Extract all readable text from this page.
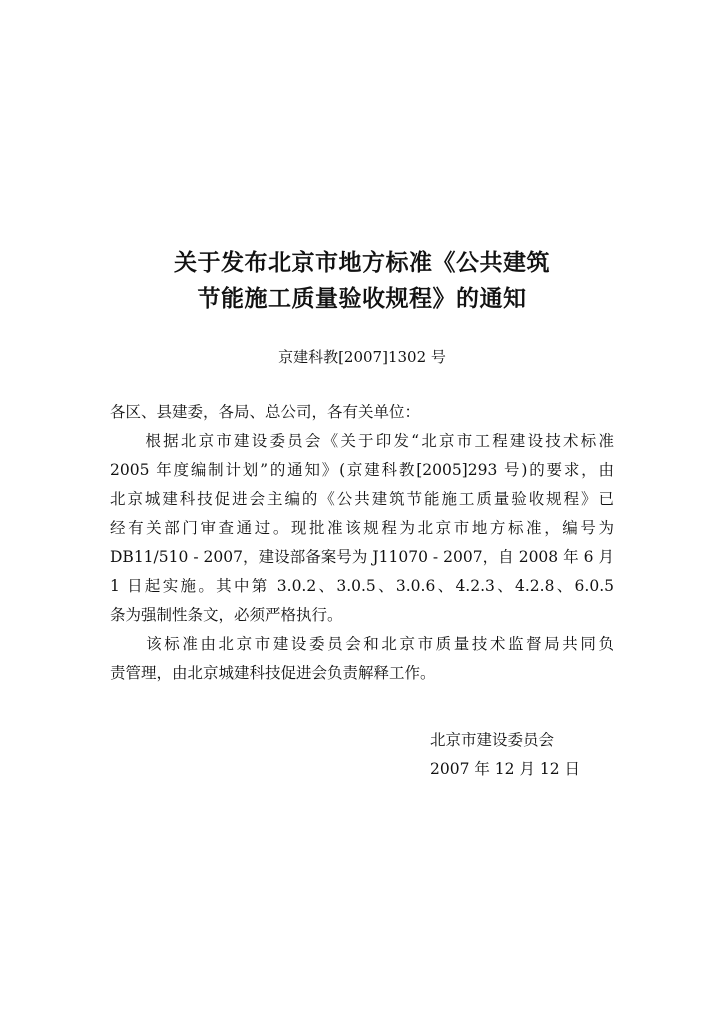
关于发布北京市地方标准《公共建筑
节能施工质量验收规程》的通知
京建科教[2007]1302 号
各区、县建委，各局、总公司，各有关单位：
　　根据北京市建设委员会《关于印发“北京市工程建设技术标准
2005 年度编制计划”的通知》(京建科教[2005]293 号)的要求，由
北京城建科技促进会主编的《公共建筑节能施工质量验收规程》已
经有关部门审查通过。现批准该规程为北京市地方标准，编号为
DB11/510 - 2007，建设部备案号为 J11070 - 2007，自 2008 年 6 月
1 日起实施。其中第 3.0.2、3.0.5、3.0.6、4.2.3、4.2.8、6.0.5
条为强制性条文，必须严格执行。
　　该标准由北京市建设委员会和北京市质量技术监督局共同负
责管理，由北京城建科技促进会负责解释工作。
北京市建设委员会
2007 年 12 月 12 日
